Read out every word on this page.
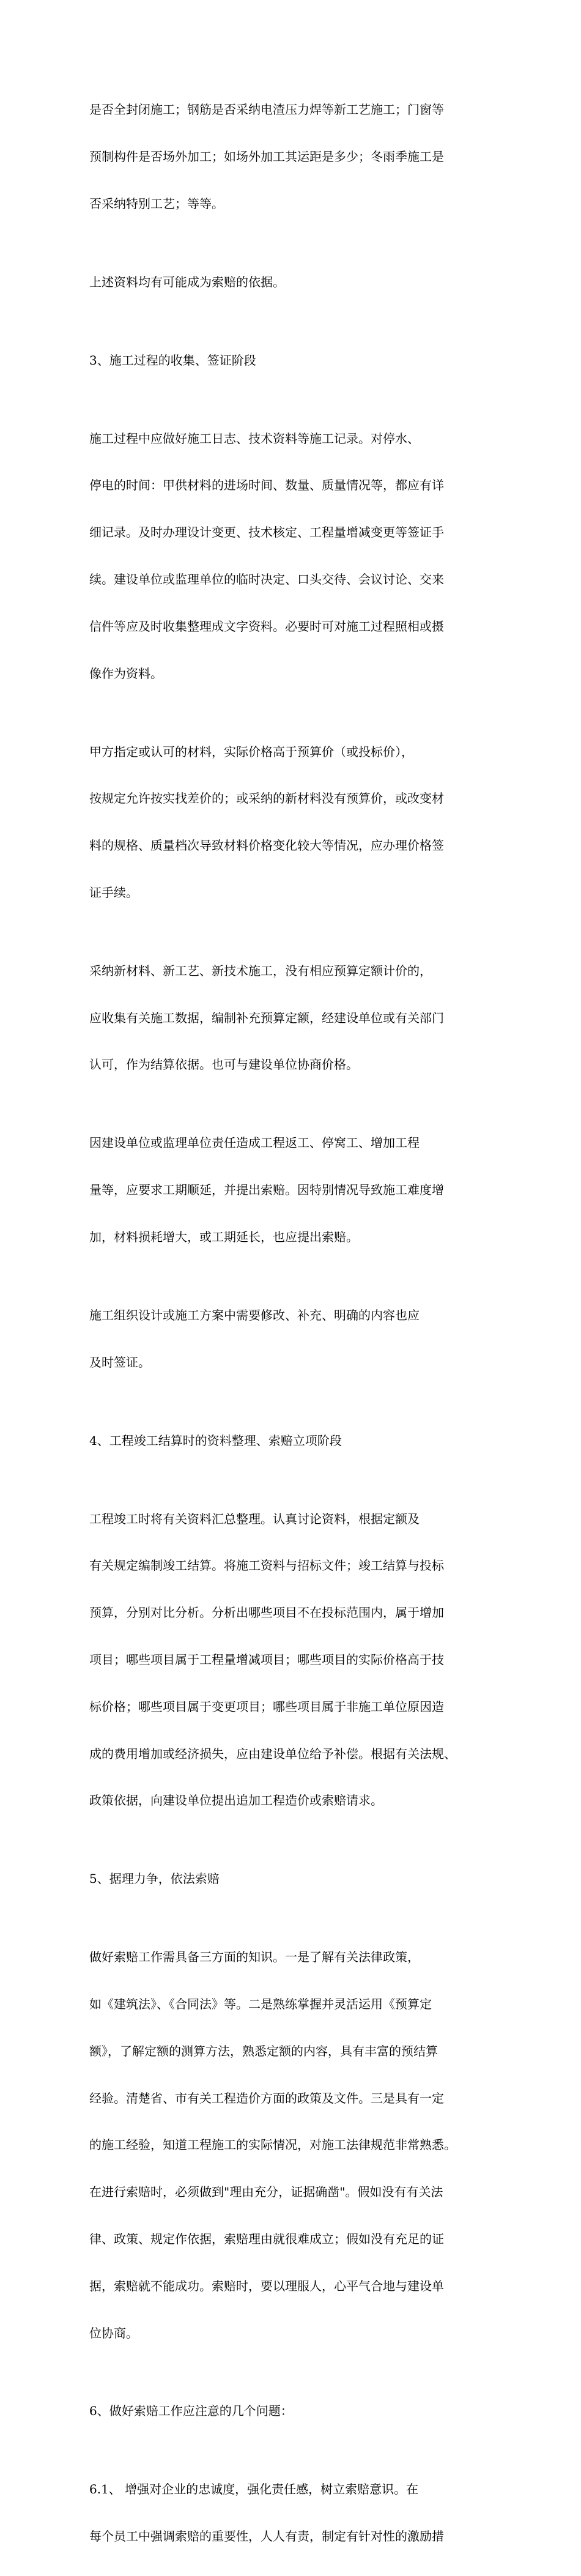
是否全封闭施工；钢筋是否采纳电渣压力焊等新工艺施工；门窗等

预制构件是否场外加工；如场外加工其运距是多少；冬雨季施工是

否采纳特别工艺；等等。

上述资料均有可能成为索赔的依据。

3、施工过程的收集、签证阶段

施工过程中应做好施工日志、技术资料等施工记录。对停水、

停电的时间：甲供材料的进场时间、数量、质量情况等，都应有详

细记录。及时办理设计变更、技术核定、工程量增减变更等签证手

续。建设单位或监理单位的临时决定、口头交待、会议讨论、交来

信件等应及时收集整理成文字资料。必要时可对施工过程照相或摄

像作为资料。

甲方指定或认可的材料，实际价格高于预算价（或投标价），

按规定允许按实找差价的；或采纳的新材料没有预算价，或改变材

料的规格、质量档次导致材料价格变化较大等情况，应办理价格签

证手续。

采纳新材料、新工艺、新技术施工，没有相应预算定额计价的，

应收集有关施工数据，编制补充预算定额，经建设单位或有关部门

认可，作为结算依据。也可与建设单位协商价格。

因建设单位或监理单位责任造成工程返工、停窝工、增加工程

量等，应要求工期顺延，并提出索赔。因特别情况导致施工难度增

加，材料损耗增大，或工期延长，也应提出索赔。

施工组织设计或施工方案中需要修改、补充、明确的内容也应

及时签证。

4、工程竣工结算时的资料整理、索赔立项阶段

工程竣工时将有关资料汇总整理。认真讨论资料，根据定额及

有关规定编制竣工结算。将施工资料与招标文件；竣工结算与投标

预算，分别对比分析。分析出哪些项目不在投标范围内，属于增加

项目；哪些项目属于工程量增减项目；哪些项目的实际价格高于技

标价格；哪些项目属于变更项目；哪些项目属于非施工单位原因造

成的费用增加或经济损失，应由建设单位给予补偿。根据有关法规、

政策依据，向建设单位提出追加工程造价或索赔请求。

5、据理力争，依法索赔

做好索赔工作需具备三方面的知识。一是了解有关法律政策，

如《建筑法》、《合同法》等。二是熟练掌握并灵活运用《预算定

额》，了解定额的测算方法，熟悉定额的内容，具有丰富的预结算

经验。清楚省、市有关工程造价方面的政策及文件。三是具有一定

的施工经验，知道工程施工的实际情况，对施工法律规范非常熟悉。

在进行索赔时，必须做到"理由充分，证据确凿"。假如没有有关法

律、政策、规定作依据，索赔理由就很难成立；假如没有充足的证

据，索赔就不能成功。索赔时，要以理服人，心平气合地与建设单

位协商。

6、做好索赔工作应注意的几个问题：

6.1、 增强对企业的忠诚度，强化责任感，树立索赔意识。在

每个员工中强调索赔的重要性，人人有责，制定有针对性的激励措
